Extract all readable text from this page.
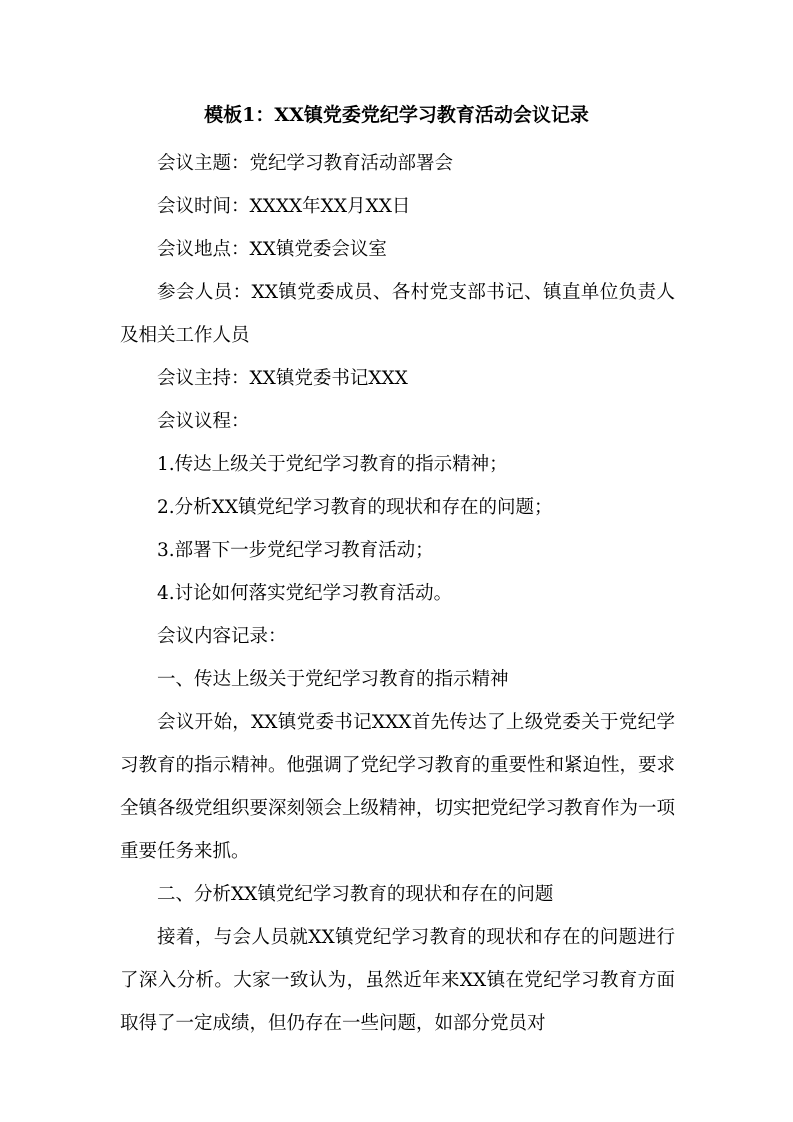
模板1：XX镇党委党纪学习教育活动会议记录

会议主题：党纪学习教育活动部署会

会议时间：XXXX年XX月XX日

会议地点：XX镇党委会议室

参会人员：XX镇党委成员、各村党支部书记、镇直单位负责人及相关工作人员

会议主持：XX镇党委书记XXX

会议议程：

1.传达上级关于党纪学习教育的指示精神；

2.分析XX镇党纪学习教育的现状和存在的问题；

3.部署下一步党纪学习教育活动；

4.讨论如何落实党纪学习教育活动。

会议内容记录：

一、传达上级关于党纪学习教育的指示精神

会议开始，XX镇党委书记XXX首先传达了上级党委关于党纪学习教育的指示精神。他强调了党纪学习教育的重要性和紧迫性，要求全镇各级党组织要深刻领会上级精神，切实把党纪学习教育作为一项重要任务来抓。

二、分析XX镇党纪学习教育的现状和存在的问题

接着，与会人员就XX镇党纪学习教育的现状和存在的问题进行了深入分析。大家一致认为，虽然近年来XX镇在党纪学习教育方面取得了一定成绩，但仍存在一些问题，如部分党员对
